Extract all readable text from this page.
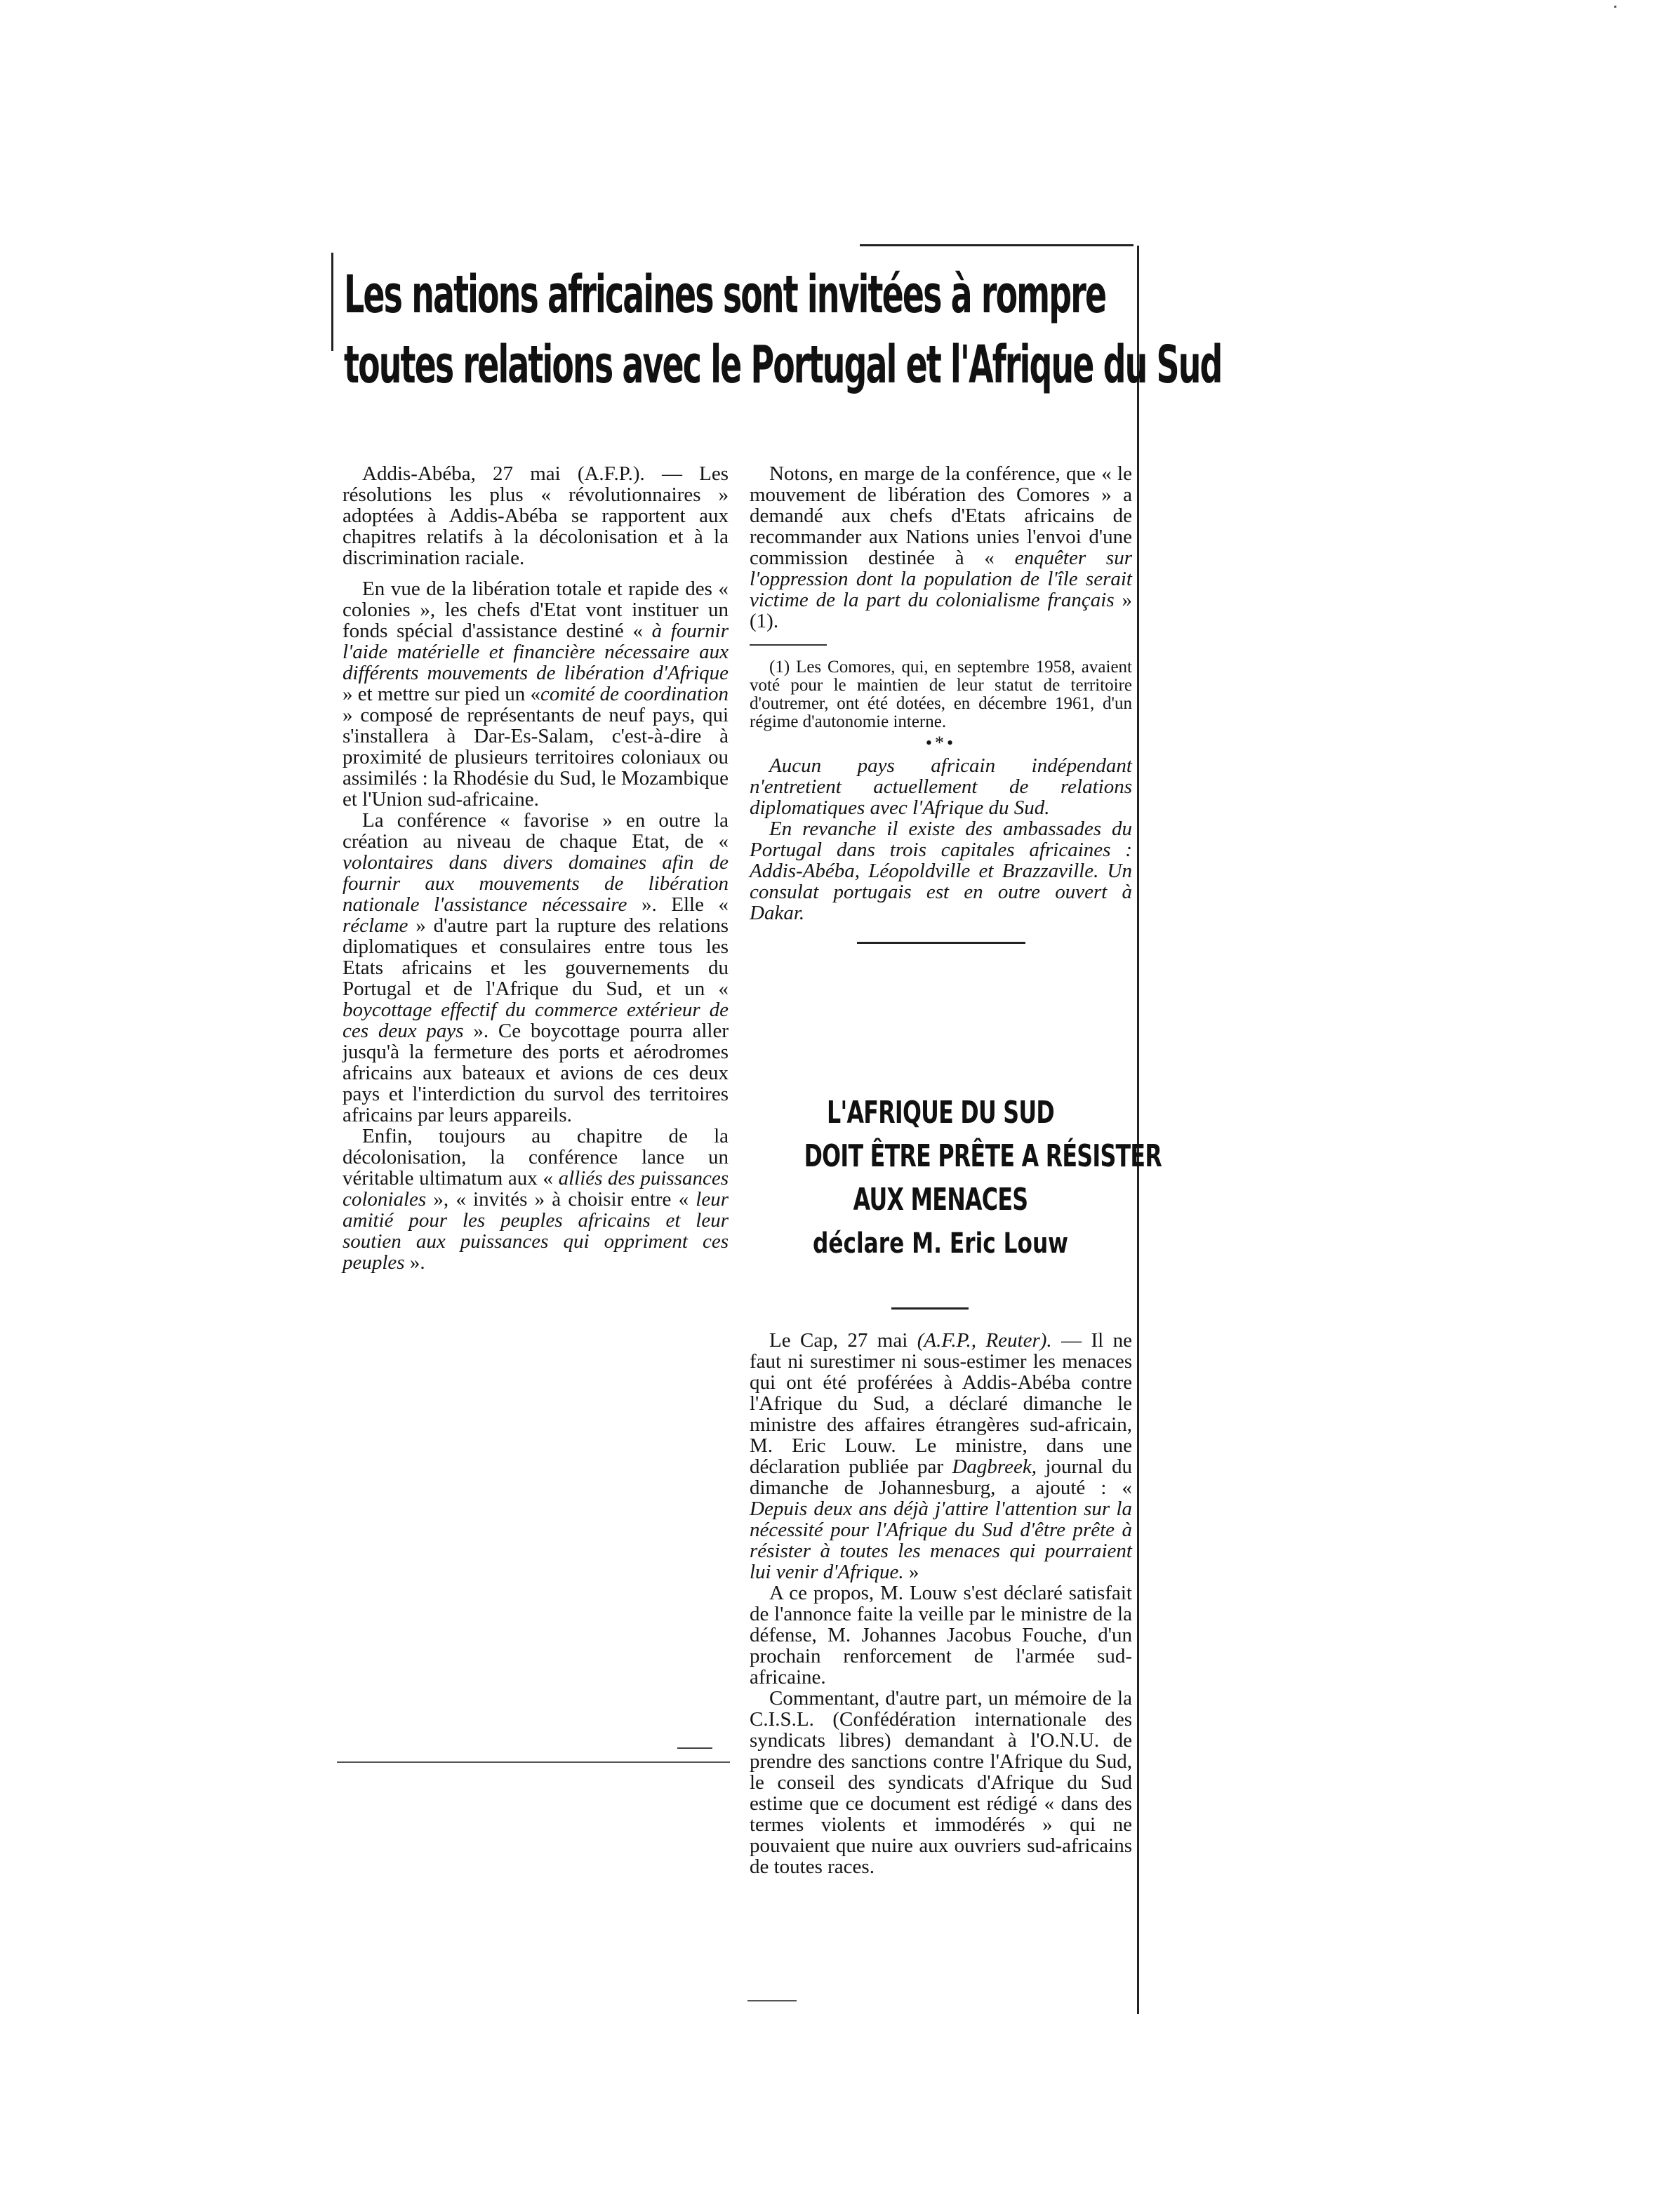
Les nations africaines sont invitées à rompre
toutes relations avec le Portugal et l'Afrique du Sud

Addis-Abéba, 27 mai (A.F.P.). — Les résolutions les plus « révolutionnaires » adoptées à Addis-Abéba se rapportent aux chapitres relatifs à la décolonisation et à la discrimination raciale.

En vue de la libération totale et rapide des « colonies », les chefs d'Etat vont instituer un fonds spécial d'assistance destiné « à fournir l'aide matérielle et financière nécessaire aux différents mouvements de libération d'Afrique » et mettre sur pied un «comité de coordination » composé de représentants de neuf pays, qui s'installera à Dar-Es-Salam, c'est-à-dire à proximité de plusieurs territoires coloniaux ou assimilés : la Rhodésie du Sud, le Mozambique et l'Union sud-africaine.

La conférence « favorise » en outre la création au niveau de chaque Etat, de « volontaires dans divers domaines afin de fournir aux mouvements de libération nationale l'assistance nécessaire ». Elle « réclame » d'autre part la rupture des relations diplomatiques et consulaires entre tous les Etats africains et les gouvernements du Portugal et de l'Afrique du Sud, et un « boycottage effectif du commerce extérieur de ces deux pays ». Ce boycottage pourra aller jusqu'à la fermeture des ports et aérodromes africains aux bateaux et avions de ces deux pays et l'interdiction du survol des territoires africains par leurs appareils.

Enfin, toujours au chapitre de la décolonisation, la conférence lance un véritable ultimatum aux « alliés des puissances coloniales », « invités » à choisir entre « leur amitié pour les peuples africains et leur soutien aux puissances qui oppriment ces peuples ».

Notons, en marge de la conférence, que « le mouvement de libération des Comores » a demandé aux chefs d'Etats africains de recommander aux Nations unies l'envoi d'une commission destinée à « enquêter sur l'oppression dont la population de l'île serait victime de la part du colonialisme français » (1).

(1) Les Comores, qui, en septembre 1958, avaient voté pour le maintien de leur statut de territoire d'outremer, ont été dotées, en décembre 1961, d'un régime d'autonomie interne.
•*•

Aucun pays africain indépendant n'entretient actuellement de relations diplomatiques avec l'Afrique du Sud.

En revanche il existe des ambassades du Portugal dans trois capitales africaines : Addis-Abéba, Léopoldville et Brazzaville. Un consulat portugais est en outre ouvert à Dakar.

L'AFRIQUE DU SUD
DOIT ÊTRE PRÊTE A RÉSISTER
AUX MENACES
déclare M. Eric Louw

Le Cap, 27 mai (A.F.P., Reuter). — Il ne faut ni surestimer ni sous-estimer les menaces qui ont été proférées à Addis-Abéba contre l'Afrique du Sud, a déclaré dimanche le ministre des affaires étrangères sud-africain, M. Eric Louw. Le ministre, dans une déclaration publiée par Dagbreek, journal du dimanche de Johannesburg, a ajouté : « Depuis deux ans déjà j'attire l'attention sur la nécessité pour l'Afrique du Sud d'être prête à résister à toutes les menaces qui pourraient lui venir d'Afrique. »

A ce propos, M. Louw s'est déclaré satisfait de l'annonce faite la veille par le ministre de la défense, M. Johannes Jacobus Fouche, d'un prochain renforcement de l'armée sud-africaine.

Commentant, d'autre part, un mémoire de la C.I.S.L. (Confédération internationale des syndicats libres) demandant à l'O.N.U. de prendre des sanctions contre l'Afrique du Sud, le conseil des syndicats d'Afrique du Sud estime que ce document est rédigé « dans des termes violents et immodérés » qui ne pouvaient que nuire aux ouvriers sud-africains de toutes races.
